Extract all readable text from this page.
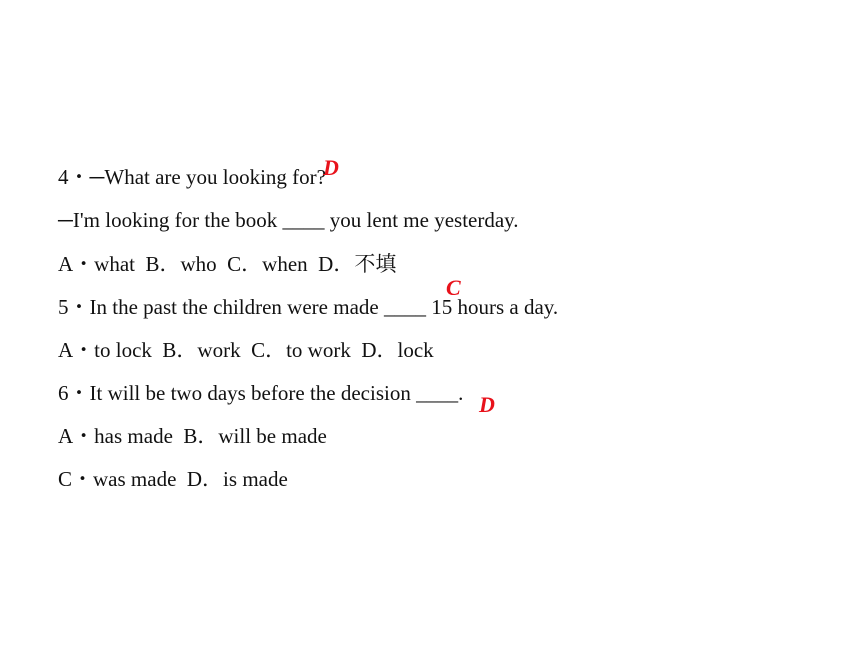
4・─What are you looking for?
D
─I'm looking for the book ____ you lent me yesterday.
A・what  B．who  C．when  D．不填
C
5・In the past the children were made ____ 15 hours a day.
A・to lock  B．work  C．to work  D．lock
6・It will be two days before the decision ____. D
A・has made  B．will be made
C・was made  D．is made
